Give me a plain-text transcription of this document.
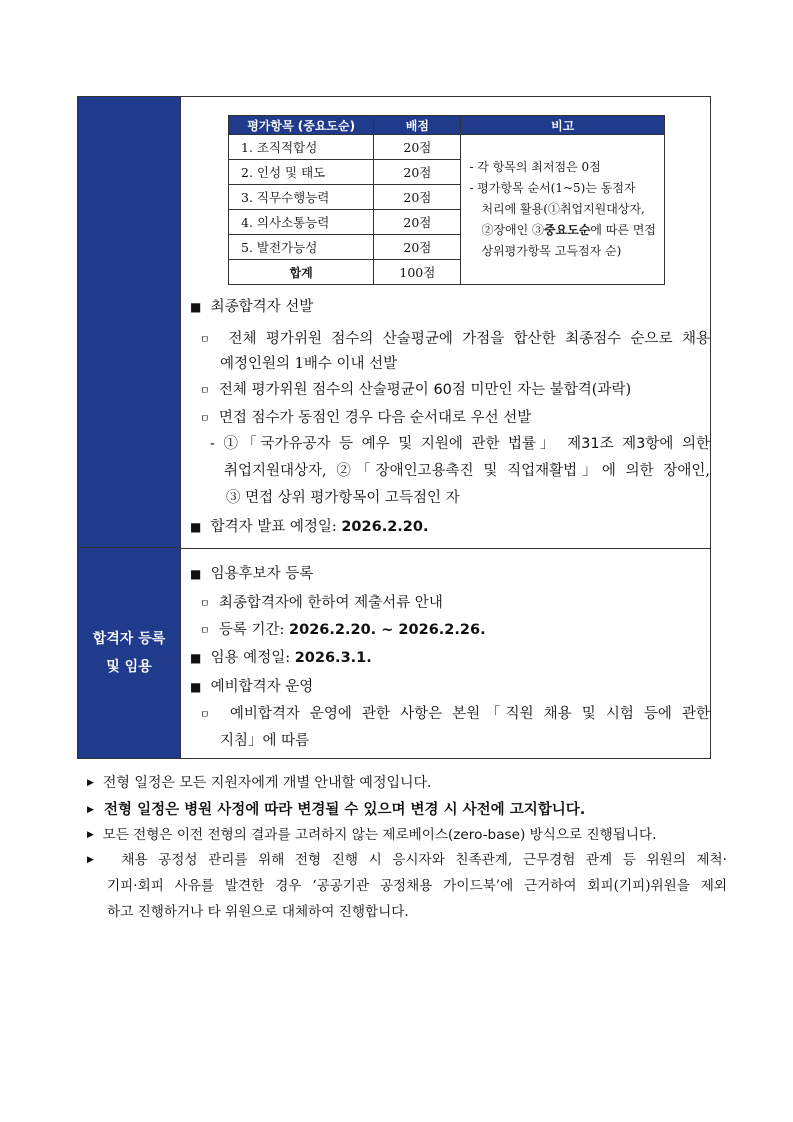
합격자 등록
및 임용
평가항목 (중요도순)	배점	비고
1. 조직적합성	20점	- 각 항목의 최저점은 0점
- 평가항목 순서(1~5)는 동점자
처리에 활용(①취업지원대상자,
②장애인 ③중요도순에 따른 면접
상위평가항목 고득점자 순)

2. 인성 및 태도	20점	
3. 직무수행능력	20점	
4. 의사소통능력	20점	
5. 발전가능성	20점	
합계	100점	
■ 최종합격자 선발
ㅁ 전체 평가위원 점수의 산술평균에 가점을 합산한 최종점수 순으로 채용
예정인원의 1배수 이내 선발
ㅁ 전체 평가위원 점수의 산술평균이 60점 미만인 자는 불합격(과락)
ㅁ 면접 점수가 동점인 경우 다음 순서대로 우선 선발
- ①「국가유공자 등 예우 및 지원에 관한 법률」 제31조 제3항에 의한
취업지원대상자, ②「장애인고용촉진 및 직업재활법」에 의한 장애인,
③ 면접 상위 평가항목이 고득점인 자
■ 합격자 발표 예정일: 2026.2.20.
■ 임용후보자 등록
ㅁ 최종합격자에 한하여 제출서류 안내
ㅁ 등록 기간: 2026.2.20. ~ 2026.2.26.
■ 임용 예정일: 2026.3.1.
■ 예비합격자 운영
ㅁ 예비합격자 운영에 관한 사항은 본원「직원 채용 및 시험 등에 관한
지침」에 따름
▶ 전형 일정은 모든 지원자에게 개별 안내할 예정입니다.
▶ 전형 일정은 병원 사정에 따라 변경될 수 있으며 변경 시 사전에 고지합니다.
▶ 모든 전형은 이전 전형의 결과를 고려하지 않는 제로베이스(zero-base) 방식으로 진행됩니다.
▶ 채용 공정성 관리를 위해 전형 진행 시 응시자와 친족관계, 근무경험 관계 등 위원의 제척·
기피·회피 사유를 발견한 경우 ‘공공기관 공정채용 가이드북’에 근거하여 회피(기피)위원을 제외
하고 진행하거나 타 위원으로 대체하여 진행합니다.
